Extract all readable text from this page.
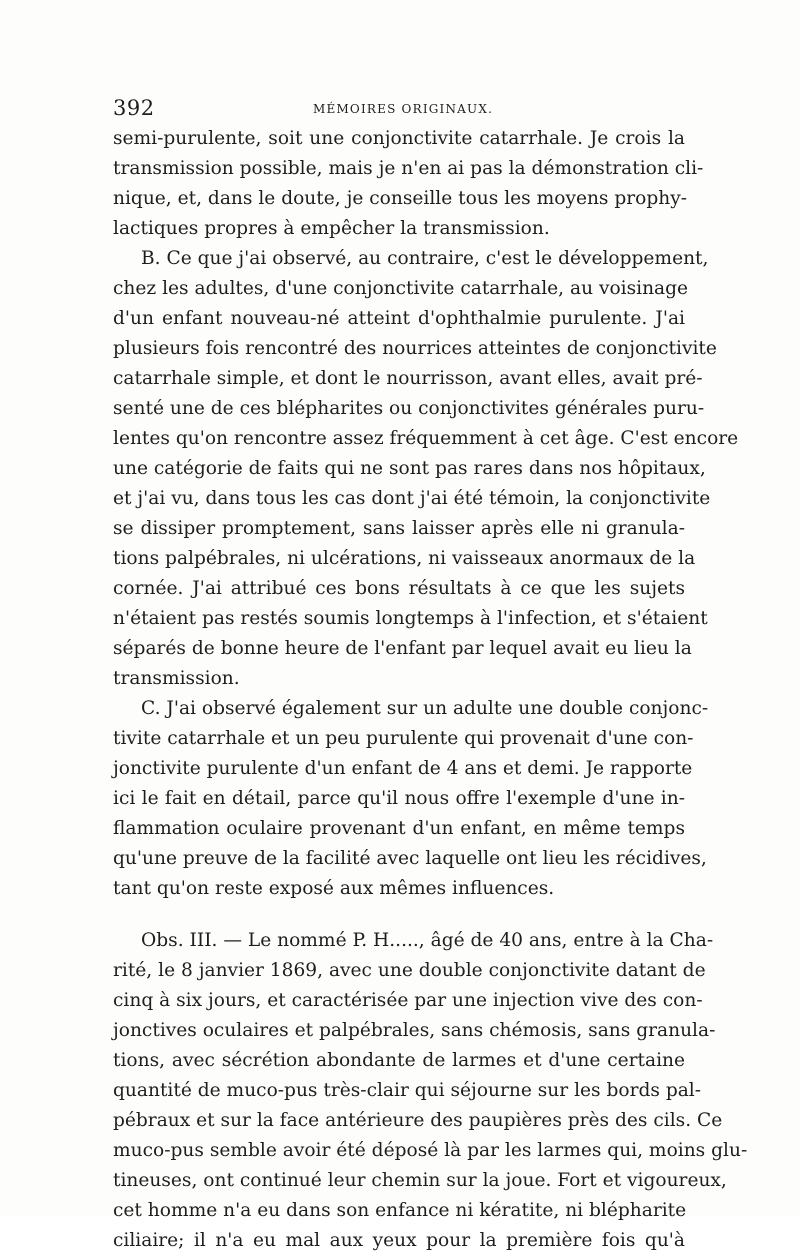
392	MÉMOIRES ORIGINAUX.
semi-purulente, soit une conjonctivite catarrhale. Je crois la
transmission possible, mais je n'en ai pas la démonstration cli-
nique, et, dans le doute, je conseille tous les moyens prophy-
lactiques propres à empêcher la transmission.
B. Ce que j'ai observé, au contraire, c'est le développement,
chez les adultes, d'une conjonctivite catarrhale, au voisinage
d'un enfant nouveau-né atteint d'ophthalmie purulente. J'ai
plusieurs fois rencontré des nourrices atteintes de conjonctivite
catarrhale simple, et dont le nourrisson, avant elles, avait pré-
senté une de ces blépharites ou conjonctivites générales puru-
lentes qu'on rencontre assez fréquemment à cet âge. C'est encore
une catégorie de faits qui ne sont pas rares dans nos hôpitaux,
et j'ai vu, dans tous les cas dont j'ai été témoin, la conjonctivite
se dissiper promptement, sans laisser après elle ni granula-
tions palpébrales, ni ulcérations, ni vaisseaux anormaux de la
cornée. J'ai attribué ces bons résultats à ce que les sujets
n'étaient pas restés soumis longtemps à l'infection, et s'étaient
séparés de bonne heure de l'enfant par lequel avait eu lieu la
transmission.
C. J'ai observé également sur un adulte une double conjonc-
tivite catarrhale et un peu purulente qui provenait d'une con-
jonctivite purulente d'un enfant de 4 ans et demi. Je rapporte
ici le fait en détail, parce qu'il nous offre l'exemple d'une in-
flammation oculaire provenant d'un enfant, en même temps
qu'une preuve de la facilité avec laquelle ont lieu les récidives,
tant qu'on reste exposé aux mêmes influences.
Obs. III. — Le nommé P. H....., âgé de 40 ans, entre à la Cha-
rité, le 8 janvier 1869, avec une double conjonctivite datant de
cinq à six jours, et caractérisée par une injection vive des con-
jonctives oculaires et palpébrales, sans chémosis, sans granula-
tions, avec sécrétion abondante de larmes et d'une certaine
quantité de muco-pus très-clair qui séjourne sur les bords pal-
pébraux et sur la face antérieure des paupières près des cils. Ce
muco-pus semble avoir été déposé là par les larmes qui, moins glu-
tineuses, ont continué leur chemin sur la joue. Fort et vigoureux,
cet homme n'a eu dans son enfance ni kératite, ni blépharite
ciliaire; il n'a eu mal aux yeux pour la première fois qu'à
